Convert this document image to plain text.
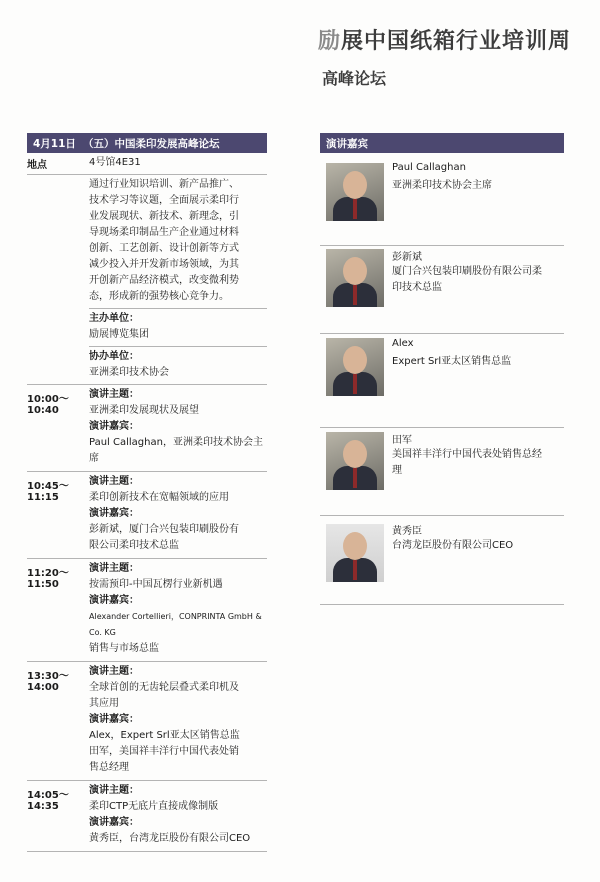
励展中国纸箱行业培训周
高峰论坛
4月11日 （五）中国柔印发展高峰论坛
地点	4号馆4E31
通过行业知识培训、新产品推广、
技术学习等议题，全面展示柔印行
业发展现状、新技术、新理念，引
导现场柔印制品生产企业通过材料
创新、工艺创新、设计创新等方式
减少投入并开发新市场领域，为其
开创新产品经济模式，改变微利势
态，形成新的强势核心竞争力。
主办单位：
励展博览集团
协办单位：
亚洲柔印技术协会
10:00～10:40
演讲主题：
亚洲柔印发展现状及展望
演讲嘉宾：
Paul Callaghan，亚洲柔印技术协会主席
10:45～11:15
演讲主题：
柔印创新技术在宽幅领域的应用
演讲嘉宾：
彭新斌，厦门合兴包装印刷股份有
限公司柔印技术总监
11:20～11:50
演讲主题：
按需预印-中国瓦楞行业新机遇
演讲嘉宾：
Alexander Cortellieri，CONPRINTA GmbH & Co. KG
销售与市场总监
13:30～14:00
演讲主题：
全球首创的无齿轮层叠式柔印机及
其应用
演讲嘉宾：
Alex，Expert Srl亚太区销售总监
田军，美国祥丰洋行中国代表处销
售总经理
14:05～14:35
演讲主题：
柔印CTP无底片直接成像制版
演讲嘉宾：
黄秀臣，台湾龙臣股份有限公司CEO
演讲嘉宾
Paul Callaghan
亚洲柔印技术协会主席
彭新斌
厦门合兴包装印刷股份有限公司柔
印技术总监
Alex
Expert Srl亚太区销售总监
田军
美国祥丰洋行中国代表处销售总经
理
黄秀臣
台湾龙臣股份有限公司CEO
